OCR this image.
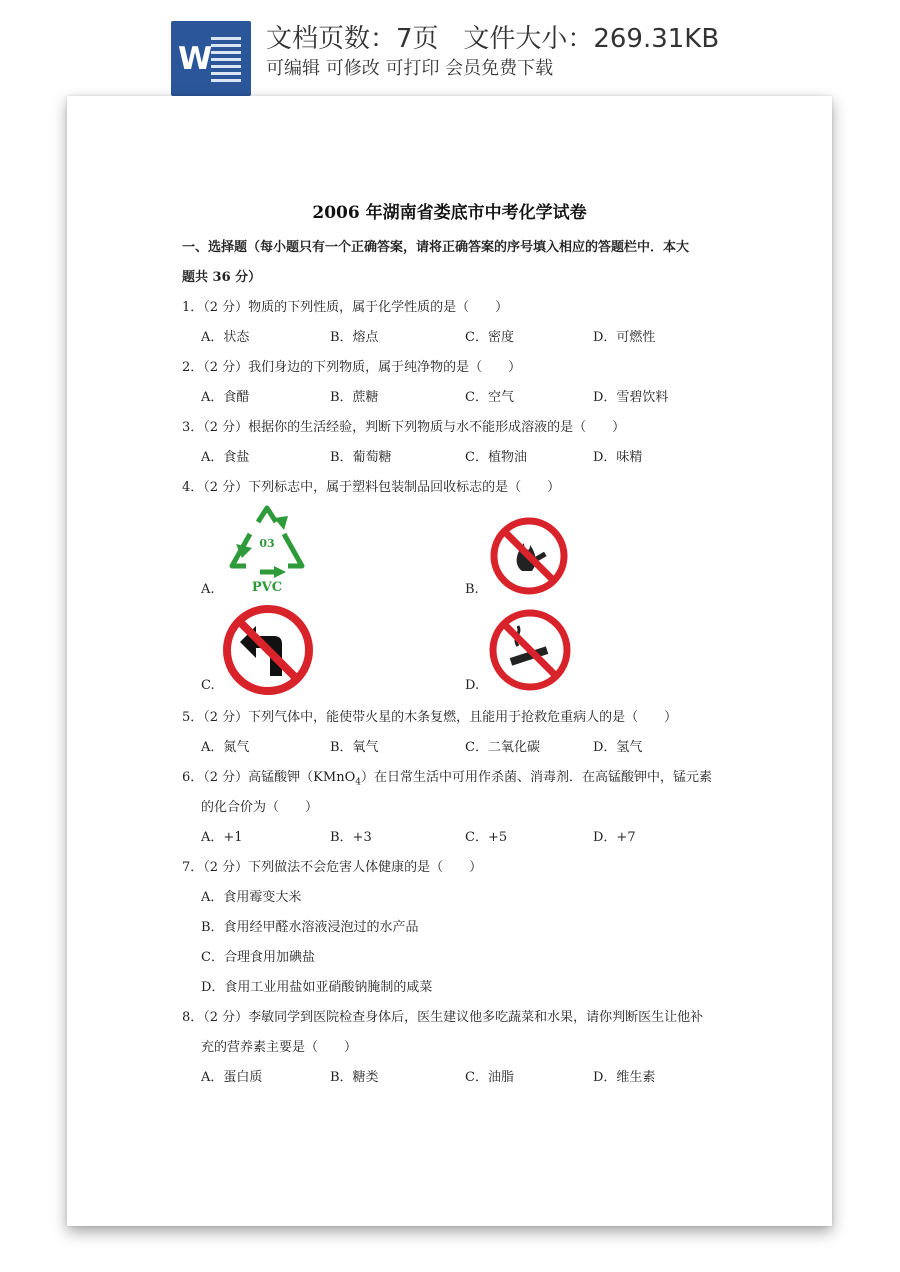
W
文档页数：7页   文件大小：269.31KB
可编辑 可修改 可打印 会员免费下载
2006 年湖南省娄底市中考化学试卷
一、选择题（每小题只有一个正确答案，请将正确答案的序号填入相应的答题栏中．本大
题共 36 分）
1．（2 分）物质的下列性质，属于化学性质的是（　　）
A．状态	B．熔点	C．密度	D．可燃性
2．（2 分）我们身边的下列物质，属于纯净物的是（　　）
A．食醋	B．蔗糖	C．空气	D．雪碧饮料
3．（2 分）根据你的生活经验，判断下列物质与水不能形成溶液的是（　　）
A．食盐	B．葡萄糖	C．植物油	D．味精
4．（2 分）下列标志中，属于塑料包装制品回收标志的是（　　）
A.
03
PVC	B.
C.	D.
5．（2 分）下列气体中，能使带火星的木条复燃，且能用于抢救危重病人的是（　　）
A．氮气	B．氧气	C．二氧化碳	D．氢气
6．（2 分）高锰酸钾（KMnO$_4$）在日常生活中可用作杀菌、消毒剂．在高锰酸钾中，锰元素
的化合价为（　　）
A．+1	B．+3	C．+5	D．+7
7．（2 分）下列做法不会危害人体健康的是（　　）
A．食用霉变大米
B．食用经甲醛水溶液浸泡过的水产品
C．合理食用加碘盐
D．食用工业用盐如亚硝酸钠腌制的咸菜
8．（2 分）李敏同学到医院检查身体后，医生建议他多吃蔬菜和水果，请你判断医生让他补
充的营养素主要是（　　）
A．蛋白质	B．糖类	C．油脂	D．维生素
